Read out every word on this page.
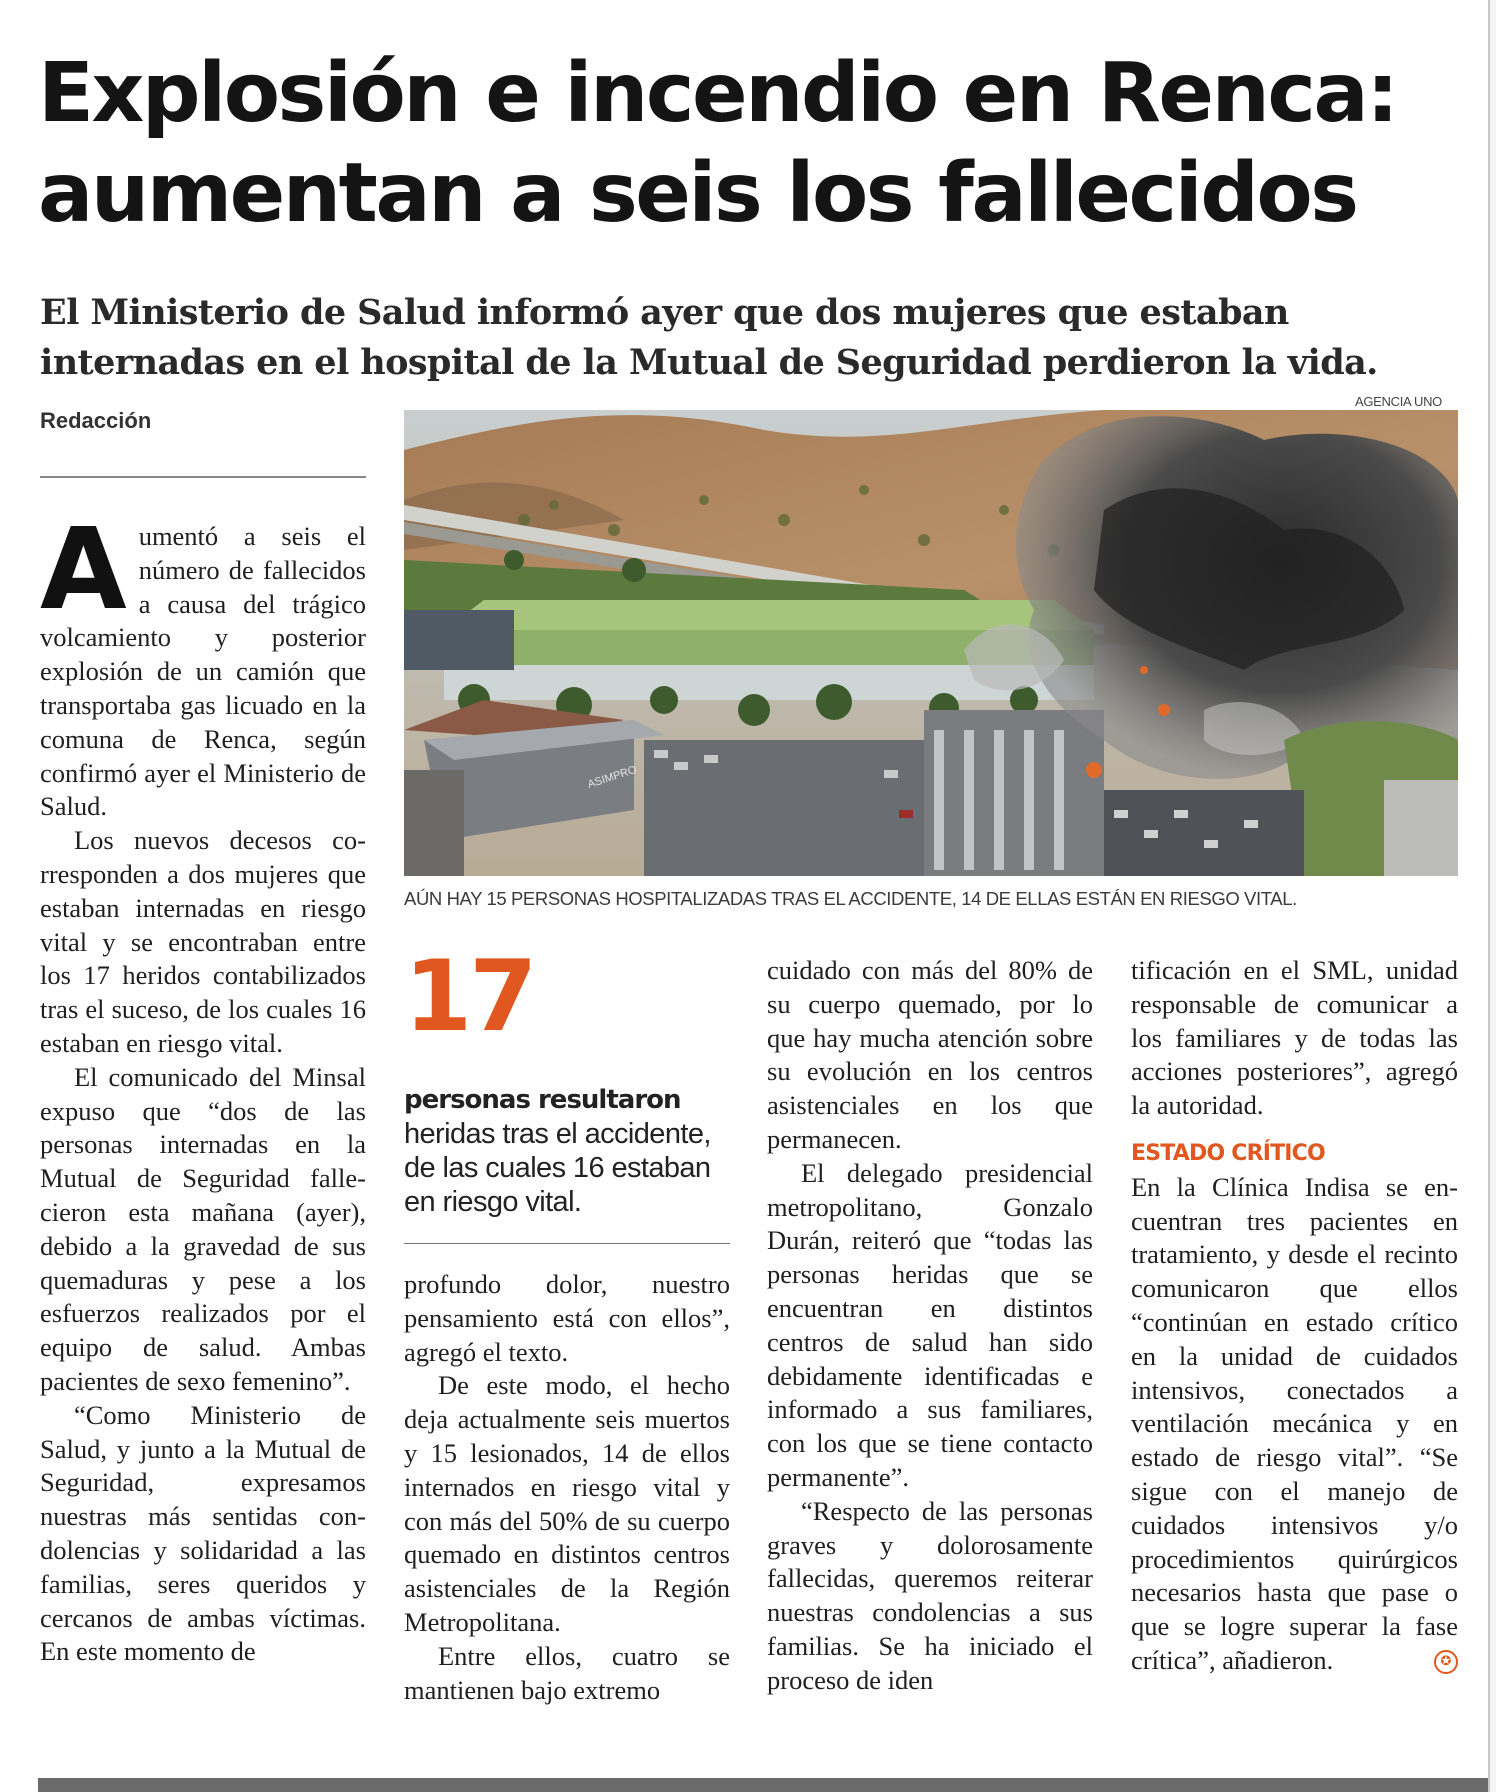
Explosión e incendio en Renca:
aumentan a seis los fallecidos
El Ministerio de Salud informó ayer que dos mujeres que estaban
internadas en el hospital de la Mutual de Seguridad perdieron la vida.
Redacción
AGENCIA UNO
ASIMPRO
AÚN HAY 15 PERSONAS HOSPITALIZADAS TRAS EL ACCIDENTE, 14 DE ELLAS ESTÁN EN RIESGO VITAL.

Aumentó a seis el número de fallecidos a causa del trágico volcamiento y posterior explosión de un camión que transportaba gas licuado en la comuna de Renca, según confirmó ayer el Ministerio de Salud.

Los nuevos decesos corresponden a dos mujeres que estaban internadas en riesgo vital y se encontraban entre los 17 heridos contabilizados tras el suceso, de los cuales 16 estaban en riesgo vital.

El comunicado del Minsal expuso que “dos de las personas internadas en la Mutual de Seguridad fallecieron esta mañana (ayer), debido a la gravedad de sus quemaduras y pese a los esfuerzos realizados por el equipo de salud. Ambas pacientes de sexo femenino”.

“Como Ministerio de Salud, y junto a la Mutual de Seguridad, expresamos nuestras más sentidas condolencias y solidaridad a las familias, seres queridos y cercanos de ambas víctimas. En este momento de

17
personas resultaron
heridas tras el accidente, de las cuales 16 estaban en riesgo vital.

profundo dolor, nuestro pensamiento está con ellos”, agregó el texto.

De este modo, el hecho deja actualmente seis muertos y 15 lesionados, 14 de ellos internados en riesgo vital y con más del 50% de su cuerpo quemado en distintos centros asistenciales de la Región Metropolitana.

Entre ellos, cuatro se mantienen bajo extremo

cuidado con más del 80% de su cuerpo quemado, por lo que hay mucha atención sobre su evolución en los centros asistenciales en los que permanecen.

El delegado presidencial metropolitano, Gonzalo Durán, reiteró que “todas las personas heridas que se encuentran en distintos centros de salud han sido debidamente identificadas e informado a sus familiares, con los que se tiene contacto permanente”.

“Respecto de las personas graves y dolorosamente fallecidas, queremos reiterar nuestras condolencias a sus familias. Se ha iniciado el proceso de iden

tificación en el SML, unidad responsable de comunicar a los familiares y de todas las acciones posteriores”, agregó la autoridad.

ESTADO CRÍTICO

En la Clínica Indisa se encuentran tres pacientes en tratamiento, y desde el recinto comunicaron que ellos “continúan en estado crítico en la unidad de cuidados intensivos, conectados a ventilación mecánica y en estado de riesgo vital”. “Se sigue con el manejo de cuidados intensivos y/o procedimientos quirúrgicos necesarios hasta que pase o que se logre superar la fase crítica”, añadieron.	✪
